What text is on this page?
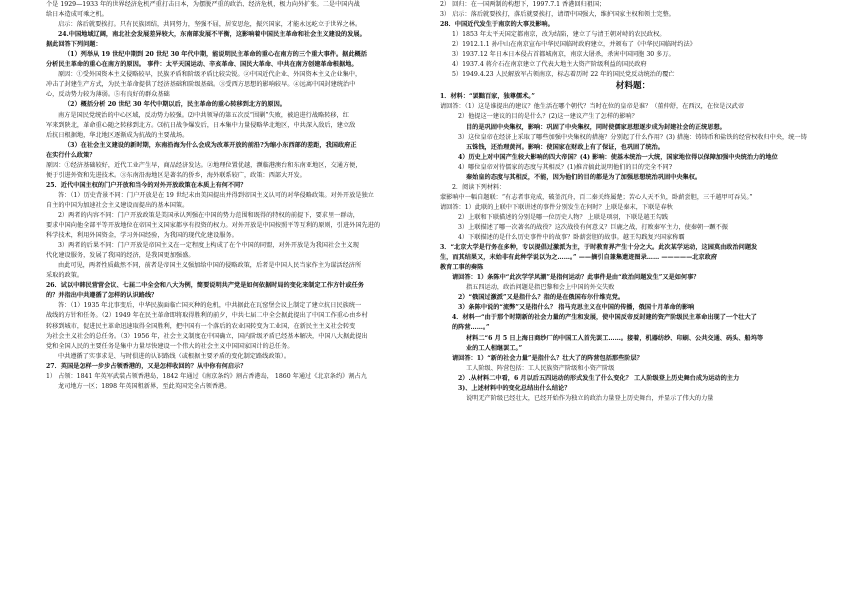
个是 1929—1933 年的世界经济危机严重打击日本，为摆脱严重的政治、经济危机，极力向外扩张。二是中国内战
给日本造成可乘之机。
启示：落后就要挨打。只有民族团结，共同努力，坚强不屈，居安思危，振兴国家，才能永远屹立于世界之林。
24.中国地域辽阔，南北社会发展差异较大，东南部发展不平衡，这影响着中国民主革命和社会主义建设的发展。
据此回答下列问题：
（1）列举从 19 世纪中期到 20 世纪 30 年代中期，能说明民主革命的重心在南方的三个重大事件。据此概括
分析民主革命的重心在南方的原因。 事件：太平天国运动、辛亥革命、国民大革命、中共在南方创建革命根据地。
原因：①受外国资本主义侵略较早，民族矛盾和阶级矛盾比较尖锐。②中国近代企业、外国资本主义企业集中，
冲击了封建生产方式，为民主革命提供了经济基础和阶级基础。③受西方思想的影响较早。④远离中国封建统治中
心，反动势力较为薄弱。⑤有良好的群众基础
（2）概括分析 20 世纪 30 年代中期以后，民主革命的重心转移到北方的原因。
南方是国民党统治的中心区域，反动势力较强。⑵中共领导的第五次反“围剿”失败，被迫进行战略转移，红
军来到陕北，革命重心随之转移到北方。⑶抗日战争爆发后，日本集中力量侵略华北地区，中共深入敌后，建立敌
后抗日根据地，华北地区逐渐成为抗战的主要战场。
（3）在社会主义建设的新时期，东南沿海为什么会成为改革开放的前沿?为缩小东西部的差距，我国政府正
在实行什么政策？
原因：①经济基础较好，近代工业产生早，商品经济发达。②地理位置优越，濒临港澳台和东南亚地区，交通方便，
便于引进外资和先进技术。③东南沿海地区是著名的侨乡，海外联系较广，政策：西部大开发。
25．近代中国主权的门户开放和当今的对外开放政策在本质上有何不同？
答：（1）历史背景不同：门户开放是在 19 世纪末由美国提出并得到帝国主义认可的对华侵略政策。对外开放是独立
自主的中国为加速社会主义建设而提出的基本国策。
2）两者的内容不同：门户开放政策是美国承认列强在中国的势力范围和既得的特权的前提下，要求里一群动，
要求中国向他全部平等开放地位在帝国主义国家都享有投资的权力。对外开放是中国按照平等互利的原则，引进外国先进的
科学技术，利用外国资金，学习外国经验，为我国的现代化建设服务。
3）两者的后果不同：门户开放是帝国主义在一定程度上构成了在个中国的同盟，对外开放是为我国社会主义现
代化建设服务，发展了我国的经济，是我国更加强盛。
由此可见，两者性质截然不同，前者是帝国主义强加给中国的侵略政策，后者是中国人民当家作主为谋活经济所
采取的政策。
26．试以中韩民营营会议、七届二中全会和八大为例，简要说明共产党是如何依据时局的变化来制定工作方针或任务
的？并指出中共遵循了怎样的认识路线？
答：（1）1935 年北事变后，中华民族面临亡国灭种的危机，中共据此在瓦窑堡会议上制定了建立抗日民族统一
战线的方针和任务。（2）1949 年在民主革命即将取得胜利的前夕，中共七届二中全会据此提出了中国工作重心由乡村
转移到城市，促进民主革命迅速取得全国胜利，把中国有一个落后的农业国转变为工业国，在新民主主义社会转变
为社会主义社会的总任务。（3）1956 年，社会主义制度在中国确立，国内阶级矛盾已经基本解决，中国八大据此提出
党和全国人民的主要任务是集中力量尽快建设一个伟大的社会主义中国国家国计的总任务。
中共遵循了实事求是、与时俱进的认识路线（或根据主要矛盾的变化制定路线政策）。
27．英国是怎样一步步占领香港的，又是怎样收回的？从中你有何启示？
1） 占领：1841 年英军武装占领香港岛，1842 年通过《南京条约》割占香港岛， 1860 年通过《北京条约》割占九
龙司地方一区；1898 年英国租新界，至此英国完全占领香港。
2） 回归：在一国两制的构想下，1997.7.1 香港回归祖国；
3） 启示：落后就要挨打，落后就要挨打，请谓中国强大，维护国家主权和领土完整。
28．中国近代发生于南京的大事及影响。
1）1853 年太平天国定都南京，改为结陷，建立了与清王朝对峙的农民政权。
2）1912.1.1 孙中山在南京宣布中华民国临时政府建立，并颁布了《中华民国临时约法》
3）1937.12 年日本日本侵占首都城南京，南京大屠杀，杀害中国同胞 30 多万。
4）1937.4 蒋介石在南京建立了代表大地主大资产阶级利益的国民政府
5）1949.4.23 人民解放军占领南京，标志着历时 22 年的国民党反动统治的覆亡
材料题：
1．材料：“罢黜百家，独尊儒术。”
请回答：（1）这是谁提出的建议？他生活在哪个朝代？当时在位的皇帝是谁？（董仲舒，在西汉，在位是汉武帝
2）他提这一建议的目的是什么？(2)这一建议产生了怎样的影响？
目的是巩固中央集权，影响：巩固了中央集权，同时使儒家思想逐步成为封建社会的正统思想。
3）这位皇帝在经济上采取了哪些加强中央集权的措施？分别起了什么作用？(3) 措施：铸铸币和盐铁的经营权收归中央，统一铸
五铢钱，还治理黄河。影响：使国家在财政上有了保证，也巩固了统治。
4）历史上对中国产生较大影响的四大帝国？(4) 影响：使基本统治一大统，国家地位得以保障加强中央统治力的地位
4）哪位皇帝对待儒家的态度与其相反？(1)推音搞此说明他们的目的完全不同?
秦始皇的态度与其相反，不能，因为他们的目的都是为了加强思想统治巩固中央集权。
2．阅读下列材料：
蒙影响中一幅自题联：“有志者事竟成，破釜沉舟，百二秦关终属楚；苦心人天不负，卧薪尝胆，三千越甲可吞吴。”
请回答：1）此联的上联中下联讲述的事件分别发生在何时？上联是秦末，下联是春秋
2）上联和下联描述的分别是哪一位历史人物？ 上联是项羽，下联是越王勾践
3）上联描述了哪一次著名的战役？这次战役有何意义？巨鹿之战，打败秦军主力，使秦朝一蹶不振
4）下联描述的是什么历史事件中的故事？卧薪尝胆的故事。越王勾践复兴国家称霸
3．“北京大学是行务在多种，专以提倡过激派为主，于时教育界产生十分之大。此次某学运动，这园莫由政治问题发
生，而其结果又，未始非有此种学说以为之……。” ——摘引自兼集遗迹图录…… —————北京政府
教育工事的奏陈
请回答：1）条陈中“此次学学风潮”是指何运动？此事件是由“政治问题发生”又是如何事？
指五四运动，政治问题是指巴黎和会上中国的外交失败
2）“俄国过激派”又是指什么？指的是在俄国布尔什维克党。
3）条陈中说的“流弊”又是指什么？ 指马克思主义在中国的传播，俄国十月革命的影响
4．材料一“由于那个时期新的社会力量的产生和发展，使中国反帝反封建的资产阶级民主革命出现了一个壮大了
的阵营……。”
材料二“6 月 5 日上海日商纱厂的中国工人首先罢工……。接着，机器纺纱、印刷、公共交通、码头、船坞等
业的工人相继罢工。”
请回答：1）“新的社会力量”是指什么？壮大了的阵营包括那些阶层？
工人阶级、阵营包括：工人民族资产阶级和小资产阶级
2）.从材料二中看，6 月以后五四运动的形式发生了什么变化？ 工人阶级登上历史舞台成为运动的主力
3)、上述材料中的变化总结出什么结论？
说明无产阶级已经壮大，已经开始作为独立的政治力量登上历史舞台，并显示了伟大的力量
